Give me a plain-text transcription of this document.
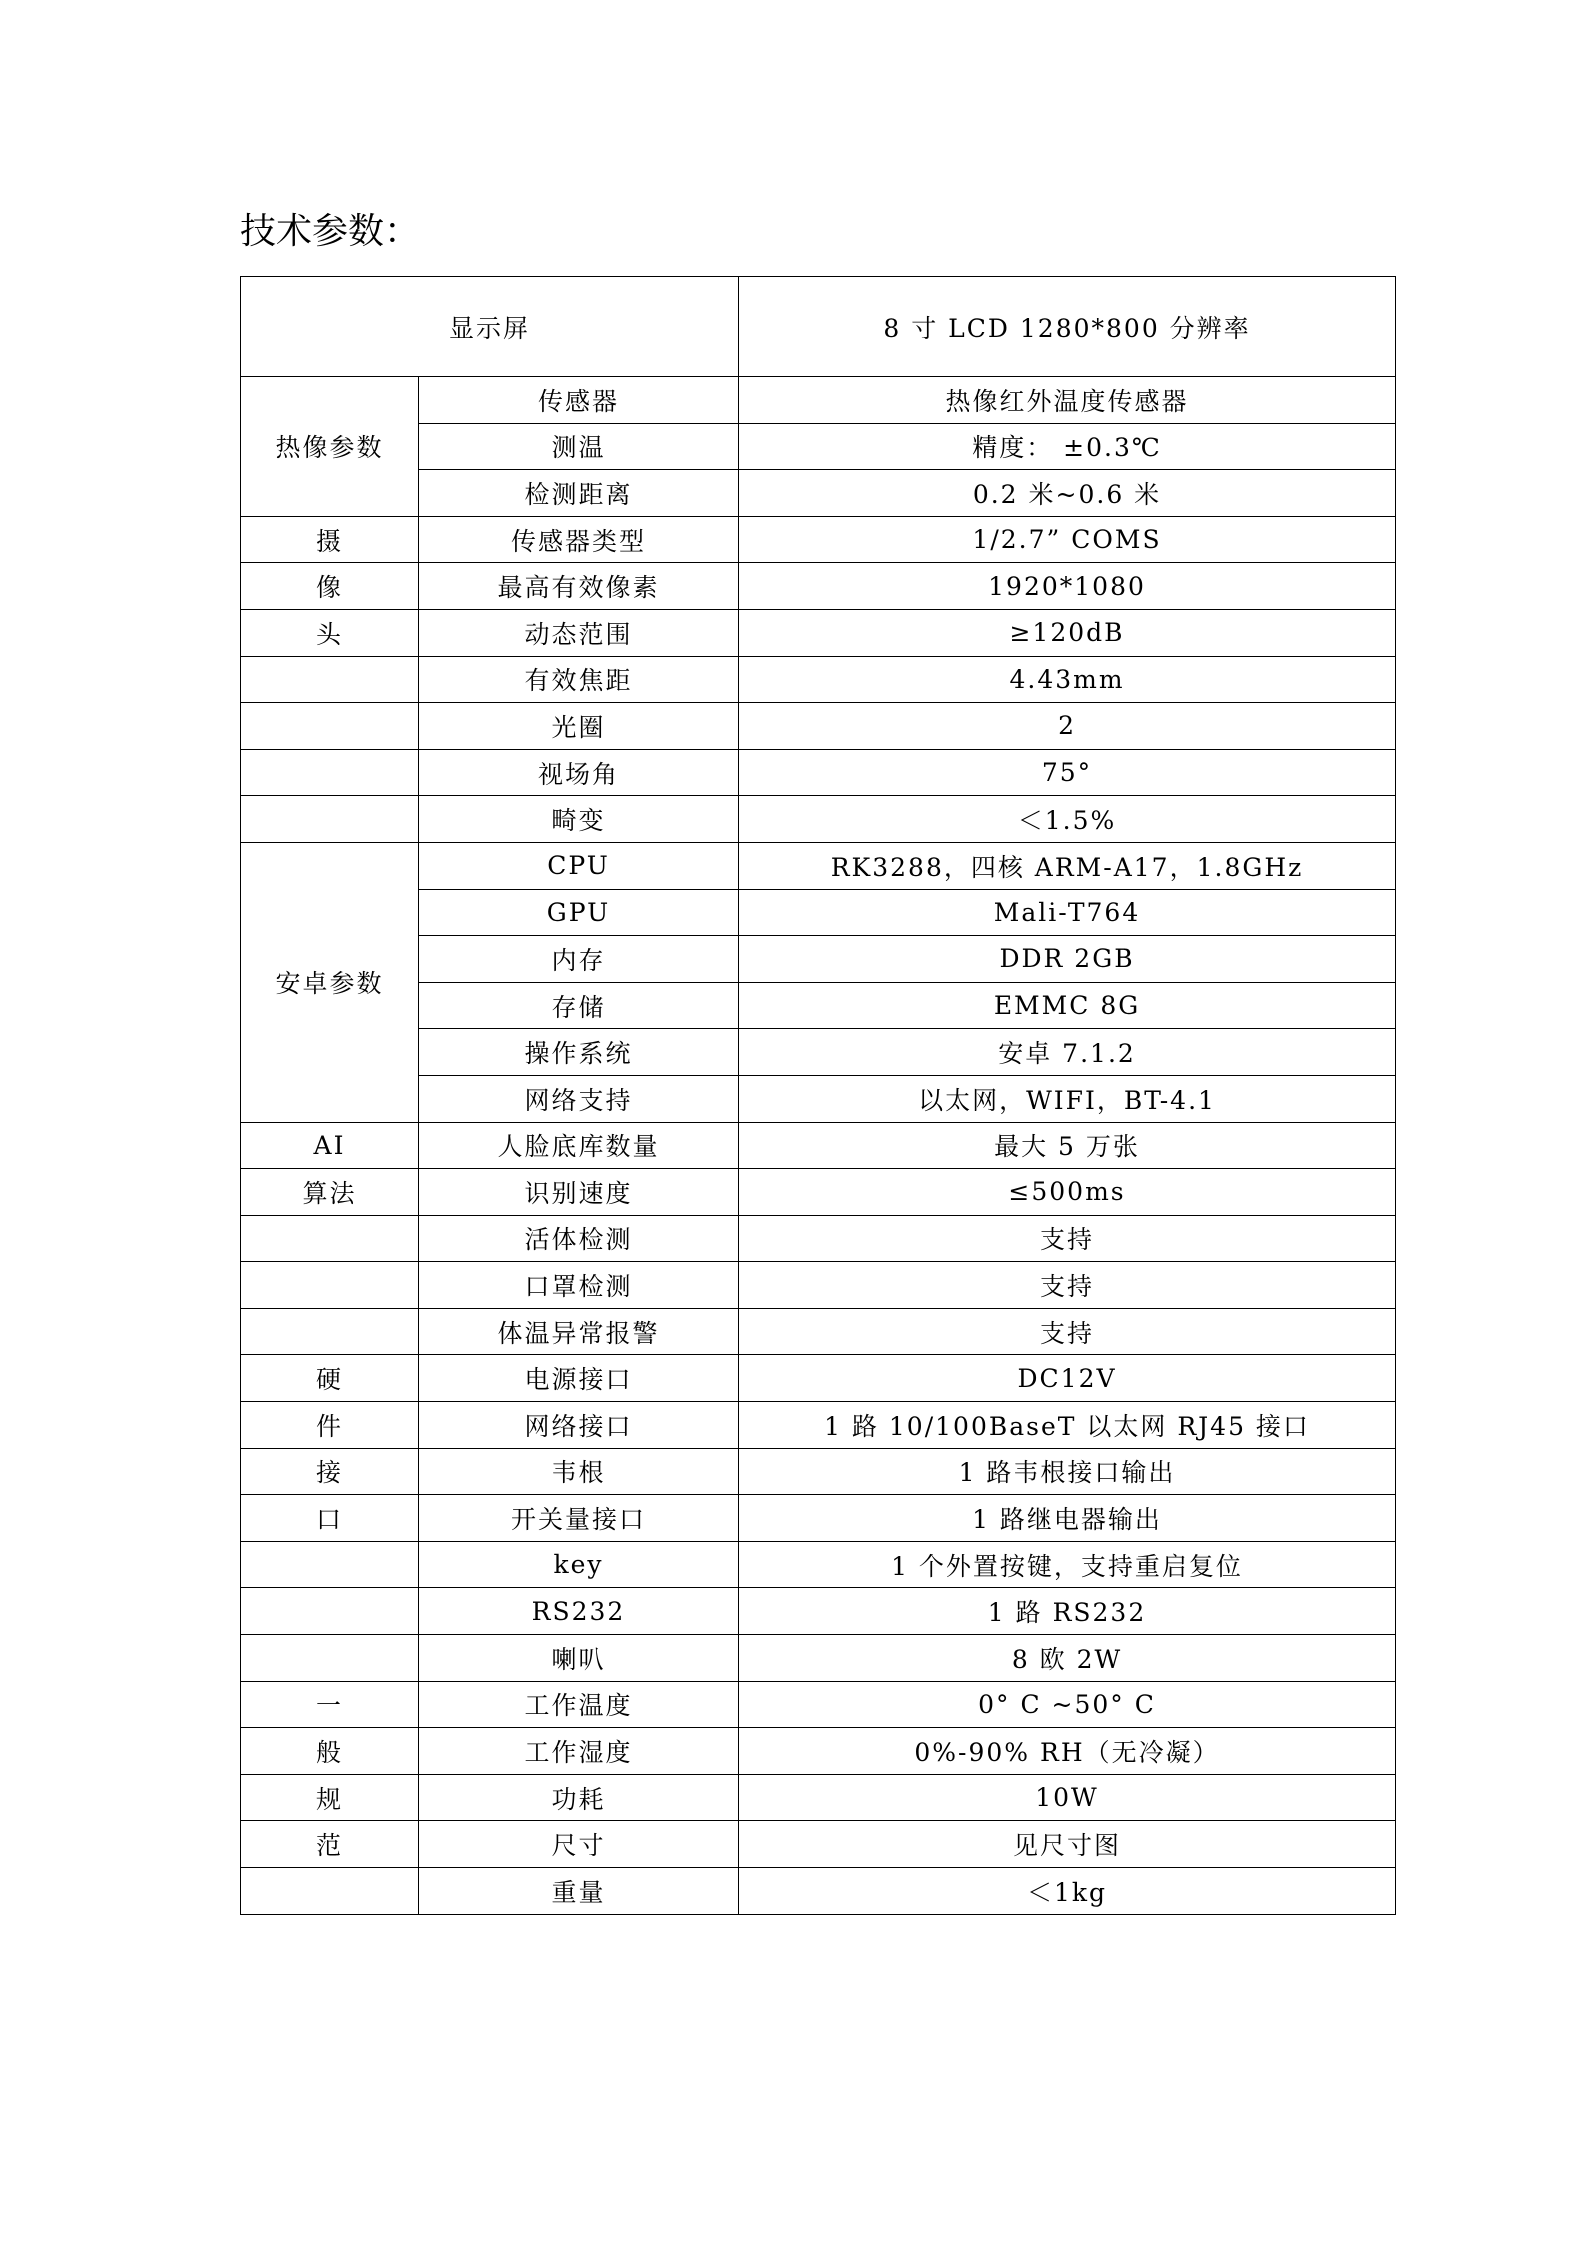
技术参数：
显示屏		8 寸 LCD 1280*800 分辨率
热像参数	传感器	热像红外温度传感器
	测温	精度： ±0.3℃
	检测距离	0.2 米~0.6 米
摄	传感器类型	1/2.7” COMS
像	最高有效像素	1920*1080
头	动态范围	≥120dB
	有效焦距	4.43mm
	光圈	2
	视场角	75°
	畸变	＜1.5%
安卓参数	CPU	RK3288，四核 ARM-A17，1.8GHz
	GPU	Mali-T764
	内存	DDR 2GB
	存储	EMMC 8G
	操作系统	安卓 7.1.2
	网络支持	以太网，WIFI，BT-4.1
AI	人脸底库数量	最大 5 万张
算法	识别速度	≤500ms
	活体检测	支持
	口罩检测	支持
	体温异常报警	支持
硬	电源接口	DC12V
件	网络接口	1 路 10/100BaseT 以太网 RJ45 接口
接	韦根	1 路韦根接口输出
口	开关量接口	1 路继电器输出
	key	1 个外置按键，支持重启复位
	RS232	1 路 RS232
	喇叭	8 欧 2W
一	工作温度	0° C ~50° C
般	工作湿度	0%-90% RH（无冷凝）
规	功耗	10W
范	尺寸	见尺寸图
	重量	＜1kg
